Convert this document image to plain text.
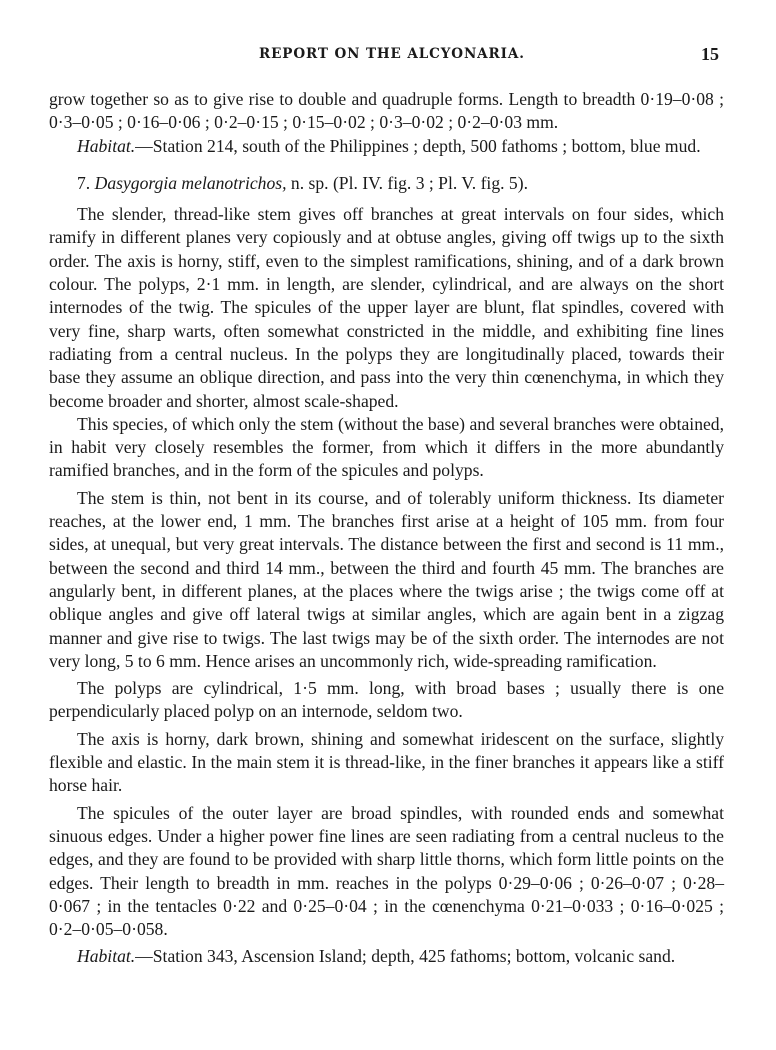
REPORT ON THE ALCYONARIA.	15

grow together so as to give rise to double and quadruple forms. Length to breadth 0·19–0·08 ; 0·3–0·05 ; 0·16–0·06 ; 0·2–0·15 ; 0·15–0·02 ; 0·3–0·02 ; 0·2–0·03 mm.

Habitat.—Station 214, south of the Philippines ; depth, 500 fathoms ; bottom, blue mud.

7. Dasygorgia melanotrichos, n. sp. (Pl. IV. fig. 3 ; Pl. V. fig. 5).

The slender, thread-like stem gives off branches at great intervals on four sides, which ramify in different planes very copiously and at obtuse angles, giving off twigs up to the sixth order. The axis is horny, stiff, even to the simplest ramifications, shining, and of a dark brown colour. The polyps, 2·1 mm. in length, are slender, cylindrical, and are always on the short internodes of the twig. The spicules of the upper layer are blunt, flat spindles, covered with very fine, sharp warts, often somewhat constricted in the middle, and exhibiting fine lines radiating from a central nucleus. In the polyps they are longitudinally placed, towards their base they assume an oblique direction, and pass into the very thin cœnenchyma, in which they become broader and shorter, almost scale-shaped.

This species, of which only the stem (without the base) and several branches were obtained, in habit very closely resembles the former, from which it differs in the more abundantly ramified branches, and in the form of the spicules and polyps.

The stem is thin, not bent in its course, and of tolerably uniform thickness. Its diameter reaches, at the lower end, 1 mm. The branches first arise at a height of 105 mm. from four sides, at unequal, but very great intervals. The distance between the first and second is 11 mm., between the second and third 14 mm., between the third and fourth 45 mm. The branches are angularly bent, in different planes, at the places where the twigs arise ; the twigs come off at oblique angles and give off lateral twigs at similar angles, which are again bent in a zigzag manner and give rise to twigs. The last twigs may be of the sixth order. The internodes are not very long, 5 to 6 mm. Hence arises an uncommonly rich, wide-spreading ramification.

The polyps are cylindrical, 1·5 mm. long, with broad bases ; usually there is one perpendicularly placed polyp on an internode, seldom two.

The axis is horny, dark brown, shining and somewhat iridescent on the surface, slightly flexible and elastic. In the main stem it is thread-like, in the finer branches it appears like a stiff horse hair.

The spicules of the outer layer are broad spindles, with rounded ends and somewhat sinuous edges. Under a higher power fine lines are seen radiating from a central nucleus to the edges, and they are found to be provided with sharp little thorns, which form little points on the edges. Their length to breadth in mm. reaches in the polyps 0·29–0·06 ; 0·26–0·07 ; 0·28–0·067 ; in the tentacles 0·22 and 0·25–0·04 ; in the cœnenchyma 0·21–0·033 ; 0·16–0·025 ; 0·2–0·05–0·058.

Habitat.—Station 343, Ascension Island; depth, 425 fathoms; bottom, volcanic sand.
